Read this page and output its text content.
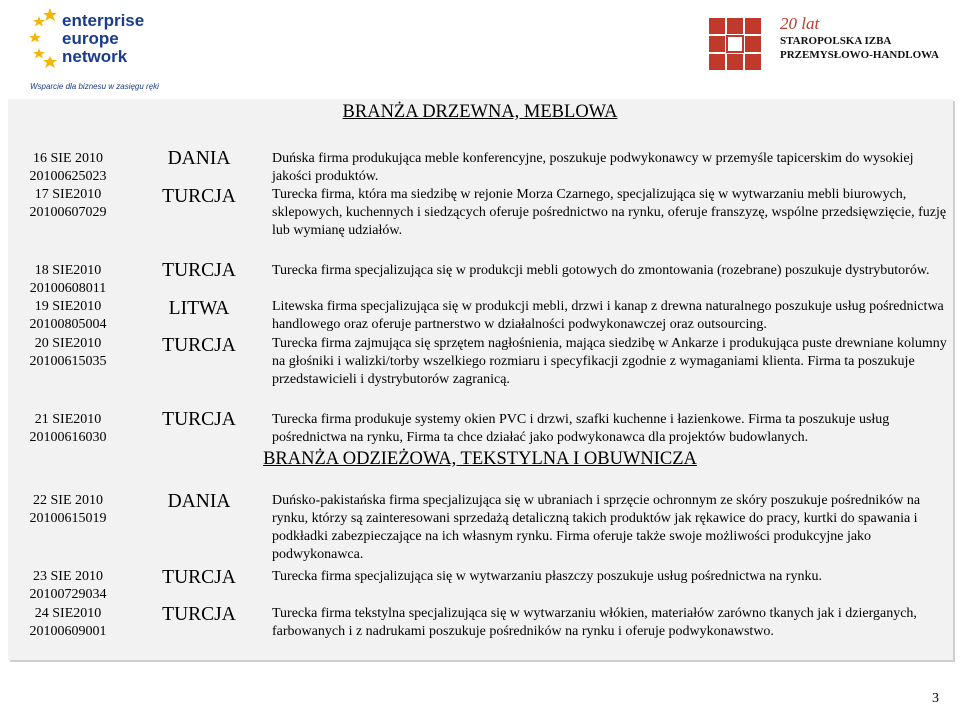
enterprise europe network
Wsparcie dla biznesu w zasięgu ręki
20 lat
STAROPOLSKA IZBA
PRZEMYSŁOWO-HANDLOWA
BRANŻA DRZEWNA, MEBLOWA
16 SIE 2010
20100625023
DANIA	Duńska firma produkująca meble konferencyjne, poszukuje podwykonawcy w przemyśle tapicerskim do wysokiej jakości produktów.
17 SIE2010
20100607029
TURCJA	Turecka firma, która ma siedzibę w rejonie Morza Czarnego, specjalizująca się w wytwarzaniu mebli biurowych, sklepowych, kuchennych i siedzących oferuje pośrednictwo na rynku, oferuje franszyzę, wspólne przedsięwzięcie, fuzję lub wymianę udziałów.
18 SIE2010
20100608011
TURCJA	Turecka firma specjalizująca się w produkcji mebli gotowych do zmontowania (rozebrane) poszukuje dystrybutorów.
19 SIE2010
20100805004
LITWA	Litewska firma specjalizująca się w produkcji mebli, drzwi i kanap z drewna naturalnego poszukuje usług pośrednictwa handlowego oraz oferuje partnerstwo w działalności podwykonawczej oraz outsourcing.
20 SIE2010
20100615035
TURCJA	Turecka firma zajmująca się sprzętem nagłośnienia, mająca siedzibę w Ankarze i produkująca puste drewniane kolumny na głośniki i walizki/torby wszelkiego rozmiaru i specyfikacji zgodnie z wymaganiami klienta. Firma ta poszukuje przedstawicieli i dystrybutorów zagranicą.
21 SIE2010
20100616030
TURCJA	Turecka firma produkuje systemy okien PVC i drzwi, szafki kuchenne i łazienkowe. Firma ta poszukuje usług pośrednictwa na rynku, Firma ta chce działać jako podwykonawca dla projektów budowlanych.
BRANŻA ODZIEŻOWA, TEKSTYLNA I OBUWNICZA
22 SIE 2010
20100615019
DANIA	Duńsko-pakistańska firma specjalizująca się w ubraniach i sprzęcie ochronnym ze skóry poszukuje pośredników na rynku, którzy są zainteresowani sprzedażą detaliczną takich produktów jak rękawice do pracy, kurtki do spawania i podkładki zabezpieczające na ich własnym rynku. Firma oferuje także swoje możliwości produkcyjne jako podwykonawca.
23 SIE 2010
20100729034
TURCJA	Turecka firma specjalizująca się w wytwarzaniu płaszczy poszukuje usług pośrednictwa na rynku.
24 SIE2010
20100609001
TURCJA	Turecka firma tekstylna specjalizująca się w wytwarzaniu włókien, materiałów zarówno tkanych jak i dzierganych, farbowanych i z nadrukami poszukuje pośredników na rynku i oferuje podwykonawstwo.
3
